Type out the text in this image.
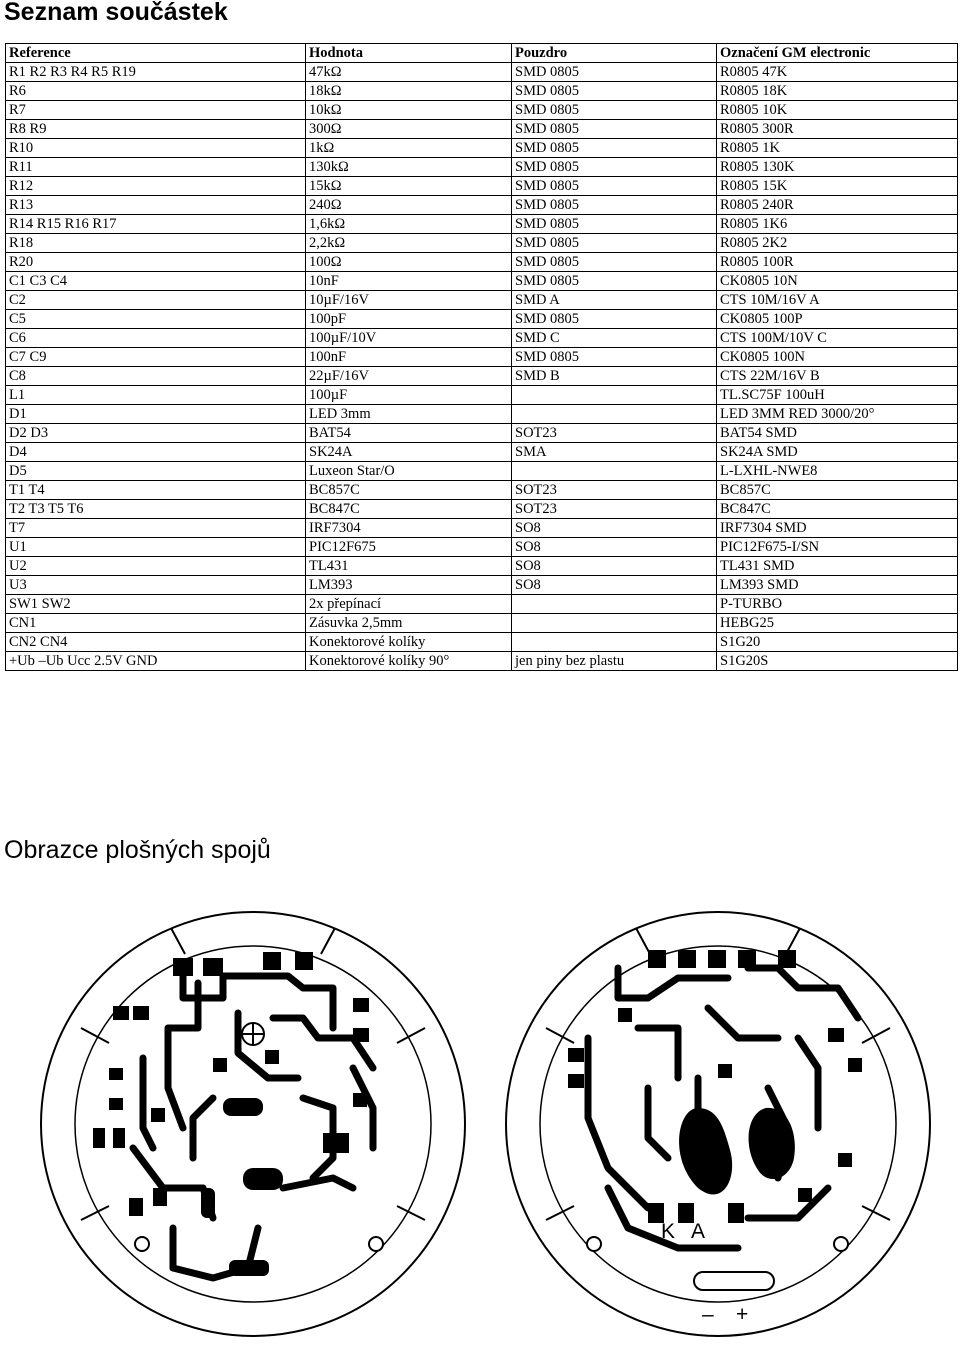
Seznam součástek
Reference	Hodnota	Pouzdro	Označení GM electronic
R1 R2 R3 R4 R5 R19	47kΩ	SMD 0805	R0805 47K
R6	18kΩ	SMD 0805	R0805 18K
R7	10kΩ	SMD 0805	R0805 10K
R8 R9	300Ω	SMD 0805	R0805 300R
R10	1kΩ	SMD 0805	R0805 1K
R11	130kΩ	SMD 0805	R0805 130K
R12	15kΩ	SMD 0805	R0805 15K
R13	240Ω	SMD 0805	R0805 240R
R14 R15 R16 R17	1,6kΩ	SMD 0805	R0805 1K6
R18	2,2kΩ	SMD 0805	R0805 2K2
R20	100Ω	SMD 0805	R0805 100R
C1 C3 C4	10nF	SMD 0805	CK0805 10N
C2	10µF/16V	SMD A	CTS 10M/16V A
C5	100pF	SMD 0805	CK0805 100P
C6	100µF/10V	SMD C	CTS 100M/10V C
C7 C9	100nF	SMD 0805	CK0805 100N
C8	22µF/16V	SMD B	CTS 22M/16V B
L1	100µF		TL.SC75F 100uH
D1	LED 3mm		LED 3MM RED 3000/20°
D2 D3	BAT54	SOT23	BAT54 SMD
D4	SK24A	SMA	SK24A SMD
D5	Luxeon Star/O		L-LXHL-NWE8
T1 T4	BC857C	SOT23	BC857C
T2 T3 T5 T6	BC847C	SOT23	BC847C
T7	IRF7304	SO8	IRF7304 SMD
U1	PIC12F675	SO8	PIC12F675-I/SN
U2	TL431	SO8	TL431 SMD
U3	LM393	SO8	LM393 SMD
SW1 SW2	2x přepínací		P-TURBO
CN1	Zásuvka 2,5mm		HEBG25
CN2 CN4	Konektorové kolíky		S1G20
+Ub –Ub Ucc 2.5V GND	Konektorové kolíky 90°	jen piny bez plastu	S1G20S
Obrazce plošných spojů
K A
– +
